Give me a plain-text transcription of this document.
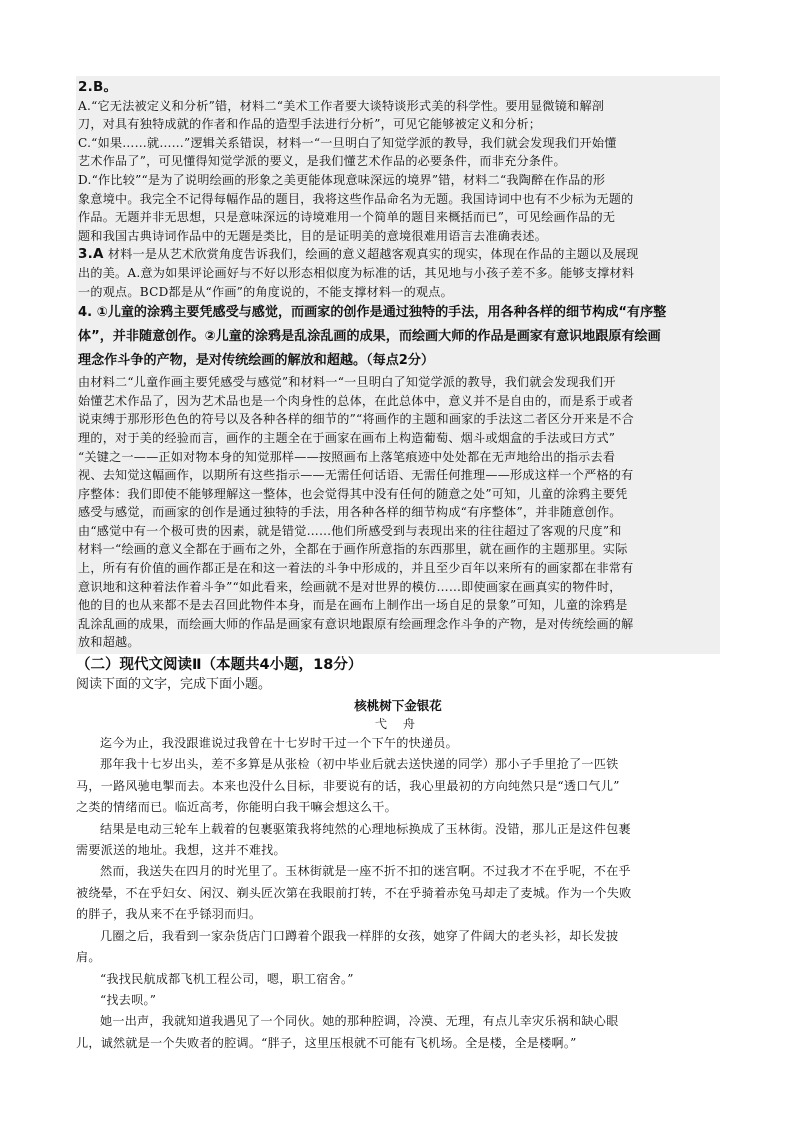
2.B。
A.“它无法被定义和分析”错，材料二“美术工作者要大谈特谈形式美的科学性。要用显微镜和解剖
刀，对具有独特成就的作者和作品的造型手法进行分析”，可见它能够被定义和分析；
C.“如果……就……”逻辑关系错误，材料一“一旦明白了知觉学派的教导，我们就会发现我们开始懂
艺术作品了”，可见懂得知觉学派的要义，是我们懂艺术作品的必要条件，而非充分条件。
D.“作比较”“是为了说明绘画的形象之美更能体现意味深远的境界”错，材料二“我陶醉在作品的形
象意境中。我完全不记得每幅作品的题目，我将这些作品命名为无题。我国诗词中也有不少标为无题的
作品。无题并非无思想，只是意味深远的诗境难用一个简单的题目来概括而已”，可见绘画作品的无
题和我国古典诗词作品中的无题是类比，目的是证明美的意境很难用语言去准确表述。
3.A 材料一是从艺术欣赏角度告诉我们，绘画的意义超越客观真实的现实，体现在作品的主题以及展现
出的美。A.意为如果评论画好与不好以形态相似度为标准的话，其见地与小孩子差不多。能够支撑材料
一的观点。BCD都是从“作画”的角度说的，不能支撑材料一的观点。
4. ①儿童的涂鸦主要凭感受与感觉，而画家的创作是通过独特的手法，用各种各样的细节构成“有序整
体”，并非随意创作。②儿童的涂鸦是乱涂乱画的成果，而绘画大师的作品是画家有意识地跟原有绘画
理念作斗争的产物，是对传统绘画的解放和超越。（每点2分）
由材料二“儿童作画主要凭感受与感觉”和材料一“一旦明白了知觉学派的教导，我们就会发现我们开
始懂艺术作品了，因为艺术品也是一个肉身性的总体，在此总体中，意义并不是自由的，而是系于或者
说束缚于那形形色色的符号以及各种各样的细节的”“将画作的主题和画家的手法这二者区分开来是不合
理的，对于美的经验而言，画作的主题全在于画家在画布上构造葡萄、烟斗或烟盒的手法或曰方式”
“关键之一——正如对物本身的知觉那样——按照画布上落笔痕迹中处处都在无声地给出的指示去看
视、去知觉这幅画作，以期所有这些指示——无需任何话语、无需任何推理——形成这样一个严格的有
序整体：我们即使不能够理解这一整体，也会觉得其中没有任何的随意之处”可知，儿童的涂鸦主要凭
感受与感觉，而画家的创作是通过独特的手法，用各种各样的细节构成“有序整体”，并非随意创作。
由“感觉中有一个极可贵的因素，就是错觉……他们所感受到与表现出来的往往超过了客观的尺度”和
材料一“绘画的意义全都在于画布之外，全都在于画作所意指的东西那里，就在画作的主题那里。实际
上，所有有价值的画作都正是在和这一着法的斗争中形成的，并且至少百年以来所有的画家都在非常有
意识地和这种着法作着斗争”“如此看来，绘画就不是对世界的模仿……即使画家在画真实的物件时，
他的目的也从来都不是去召回此物件本身，而是在画布上制作出一场自足的景象”可知，儿童的涂鸦是
乱涂乱画的成果，而绘画大师的作品是画家有意识地跟原有绘画理念作斗争的产物，是对传统绘画的解
放和超越。
（二）现代文阅读Ⅱ（本题共4小题，18分）
阅读下面的文字，完成下面小题。
核桃树下金银花
弋 舟
迄今为止，我没跟谁说过我曾在十七岁时干过一个下午的快递员。
那年我十七岁出头，差不多算是从张检（初中毕业后就去送快递的同学）那小子手里抢了一匹铁
马，一路风驰电掣而去。本来也没什么目标，非要说有的话，我心里最初的方向纯然只是“透口气儿”
之类的情绪而已。临近高考，你能明白我干嘛会想这么干。
结果是电动三轮车上载着的包裹驱策我将纯然的心理地标换成了玉林街。没错，那儿正是这件包裹
需要派送的地址。我想，这并不难找。
然而，我送失在四月的时光里了。玉林街就是一座不折不扣的迷宫啊。不过我才不在乎呢，不在乎
被绕晕，不在乎妇女、闲汉、剃头匠次第在我眼前打转，不在乎骑着赤兔马却走了麦城。作为一个失败
的胖子，我从来不在乎铩羽而归。
几圈之后，我看到一家杂货店门口蹲着个跟我一样胖的女孩，她穿了件阔大的老头衫，却长发披
肩。
“我找民航成都飞机工程公司，嗯，职工宿舍。”
“找去呗。”
她一出声，我就知道我遇见了一个同伙。她的那种腔调，冷漠、无理，有点儿幸灾乐祸和缺心眼
儿，诚然就是一个失败者的腔调。“胖子，这里压根就不可能有飞机场。全是楼，全是楼啊。”
